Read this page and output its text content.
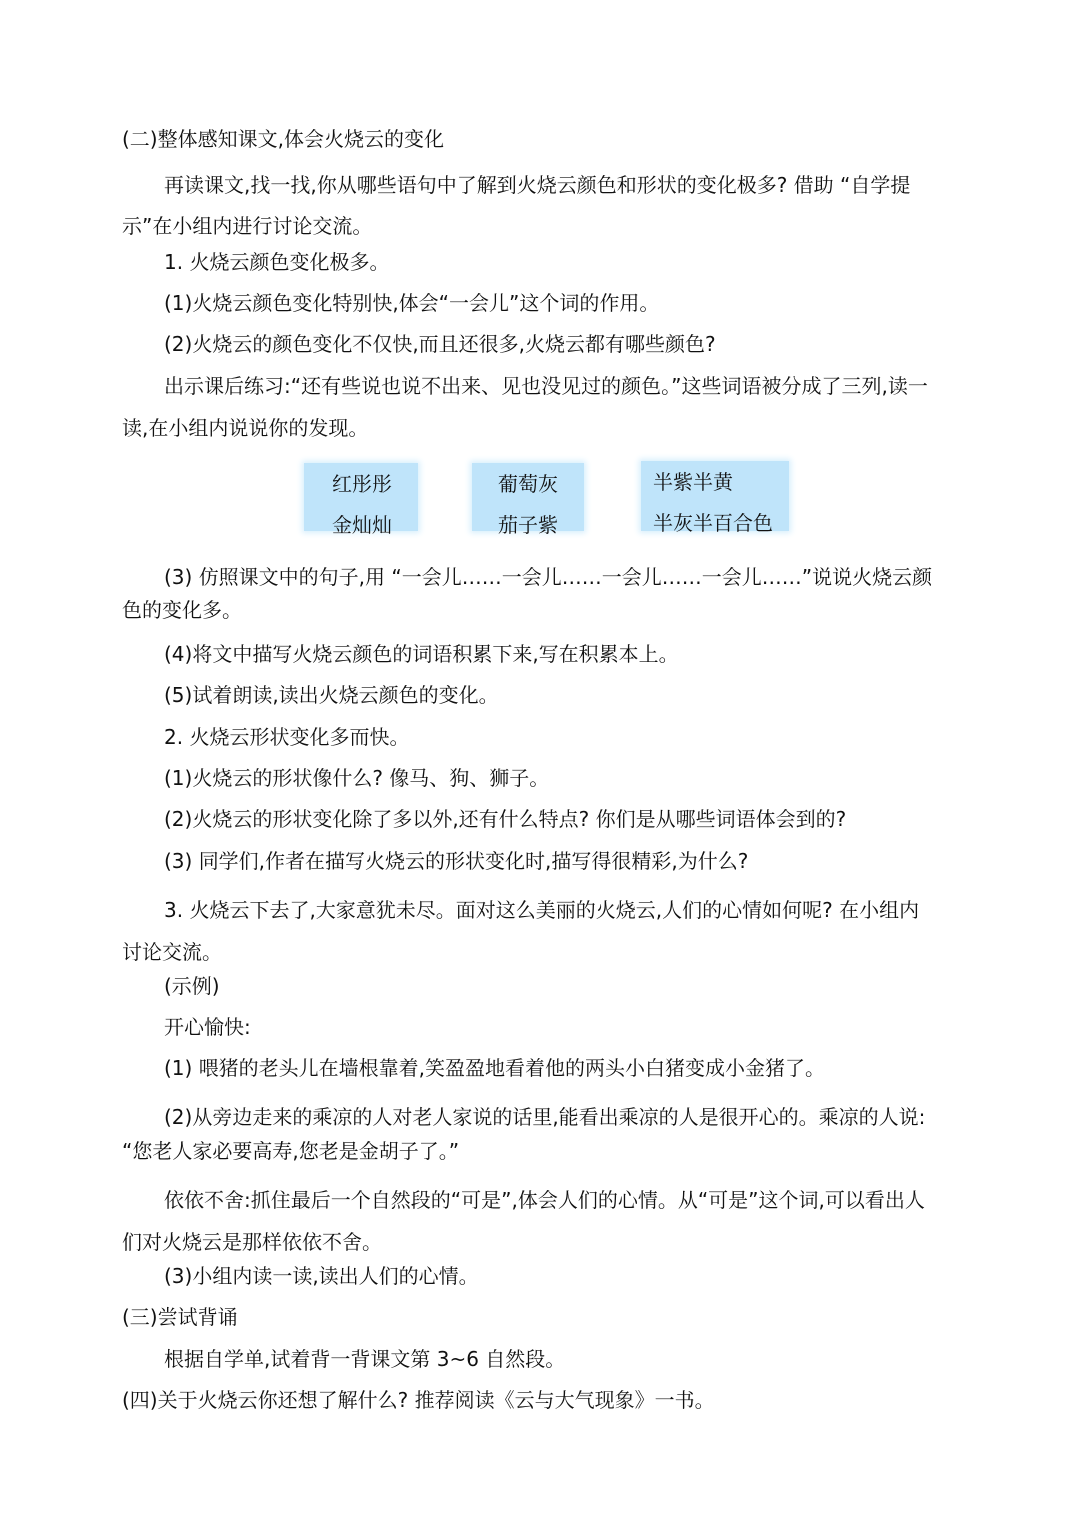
(二)整体感知课文,体会火烧云的变化
再读课文,找一找,你从哪些语句中了解到火烧云颜色和形状的变化极多? 借助 “自学提
示”在小组内进行讨论交流。
1. 火烧云颜色变化极多。
(1)火烧云颜色变化特别快,体会“一会儿”这个词的作用。
(2)火烧云的颜色变化不仅快,而且还很多,火烧云都有哪些颜色?
出示课后练习:“还有些说也说不出来、见也没见过的颜色。”这些词语被分成了三列,读一
读,在小组内说说你的发现。
红彤彤
金灿灿
葡萄灰
茄子紫
半紫半黄
半灰半百合色
(3) 仿照课文中的句子,用 “一会儿……一会儿……一会儿……一会儿……”说说火烧云颜
色的变化多。
(4)将文中描写火烧云颜色的词语积累下来,写在积累本上。
(5)试着朗读,读出火烧云颜色的变化。
2. 火烧云形状变化多而快。
(1)火烧云的形状像什么? 像马、狗、狮子。
(2)火烧云的形状变化除了多以外,还有什么特点? 你们是从哪些词语体会到的?
(3) 同学们,作者在描写火烧云的形状变化时,描写得很精彩,为什么?
3. 火烧云下去了,大家意犹未尽。面对这么美丽的火烧云,人们的心情如何呢? 在小组内
讨论交流。
(示例)
开心愉快:
(1) 喂猪的老头儿在墙根靠着,笑盈盈地看着他的两头小白猪变成小金猪了。
(2)从旁边走来的乘凉的人对老人家说的话里,能看出乘凉的人是很开心的。乘凉的人说:
“您老人家必要高寿,您老是金胡子了。”
依依不舍:抓住最后一个自然段的“可是”,体会人们的心情。从“可是”这个词,可以看出人
们对火烧云是那样依依不舍。
(3)小组内读一读,读出人们的心情。
(三)尝试背诵
根据自学单,试着背一背课文第 3~6 自然段。
(四)关于火烧云你还想了解什么? 推荐阅读《云与大气现象》一书。
